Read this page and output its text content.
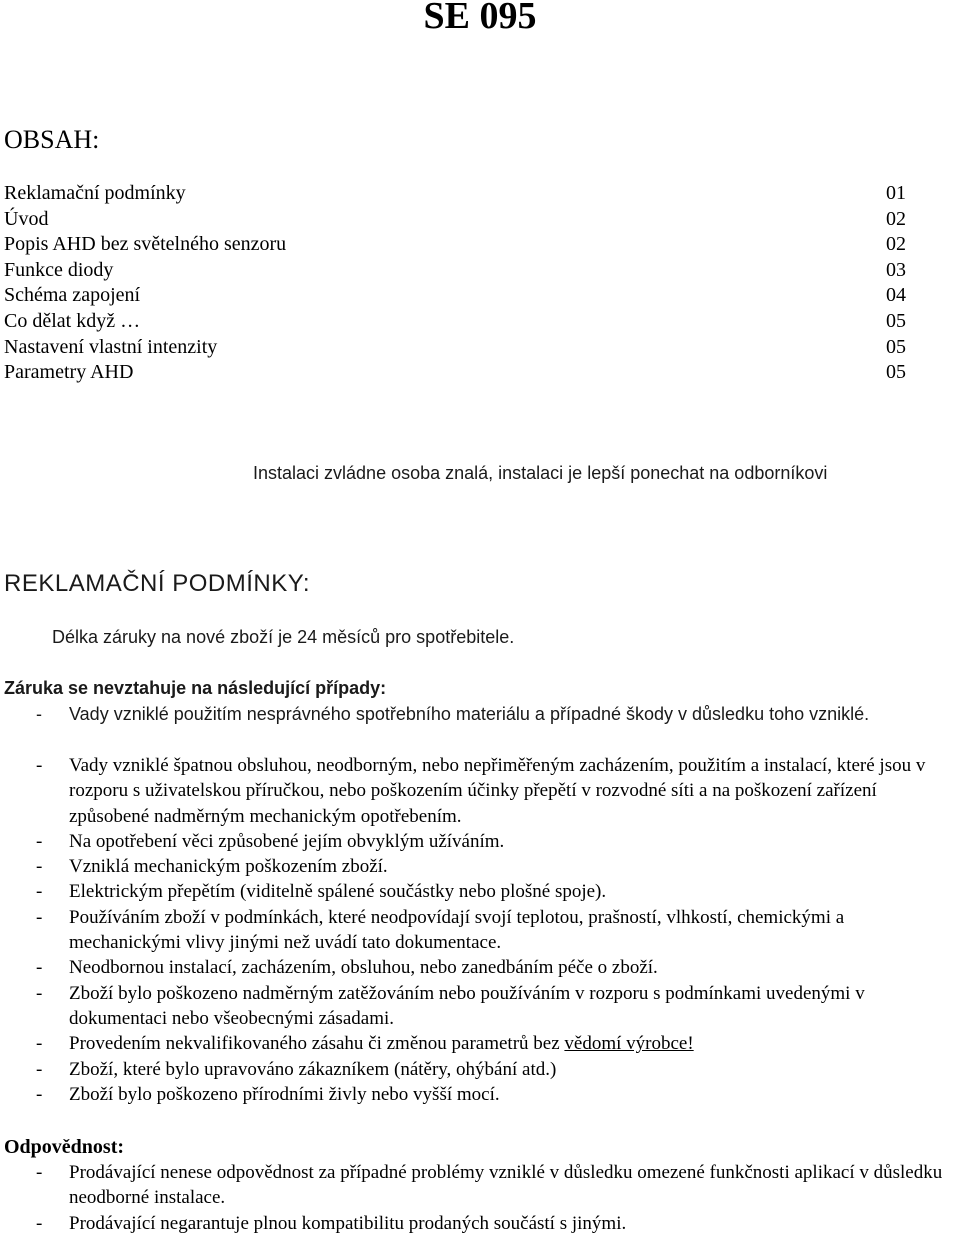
SE 095
OBSAH:
Reklamační podmínky	01
Úvod	02
Popis AHD bez světelného senzoru	02
Funkce diody	03
Schéma zapojení	04
Co dělat když …	05
Nastavení vlastní intenzity	05
Parametry AHD	05
Instalaci zvládne osoba znalá, instalaci je lepší ponechat na odborníkovi
REKLAMAČNÍ PODMÍNKY:
Délka záruky na nové zboží je 24 měsíců pro spotřebitele.
Záruka se nevztahuje na následující případy:
- Vady vzniklé použitím nesprávného spotřebního materiálu a případné škody v důsledku toho vzniklé.
- Vady vzniklé špatnou obsluhou, neodborným, nebo nepřiměřeným zacházením, použitím a instalací, které jsou v rozporu s uživatelskou příručkou, nebo poškozením účinky přepětí v rozvodné síti a na poškození zařízení způsobené nadměrným mechanickým opotřebením.
- Na opotřebení věci způsobené jejím obvyklým užíváním.
- Vzniklá mechanickým poškozením zboží.
- Elektrickým přepětím (viditelně spálené součástky nebo plošné spoje).
- Používáním zboží v podmínkách, které neodpovídají svojí teplotou, prašností, vlhkostí, chemickými a mechanickými vlivy jinými než uvádí tato dokumentace.
- Neodbornou instalací, zacházením, obsluhou, nebo zanedbáním péče o zboží.
- Zboží bylo poškozeno nadměrným zatěžováním nebo používáním v rozporu s podmínkami uvedenými v dokumentaci nebo všeobecnými zásadami.
- Provedením nekvalifikovaného zásahu či změnou parametrů bez vědomí výrobce!
- Zboží, které bylo upravováno zákazníkem (nátěry, ohýbání atd.)
- Zboží bylo poškozeno přírodními živly nebo vyšší mocí.
Odpovědnost:
- Prodávající nenese odpovědnost za případné problémy vzniklé v důsledku omezené funkčnosti aplikací v důsledku neodborné instalace.
- Prodávající negarantuje plnou kompatibilitu prodaných součástí s jinými.
